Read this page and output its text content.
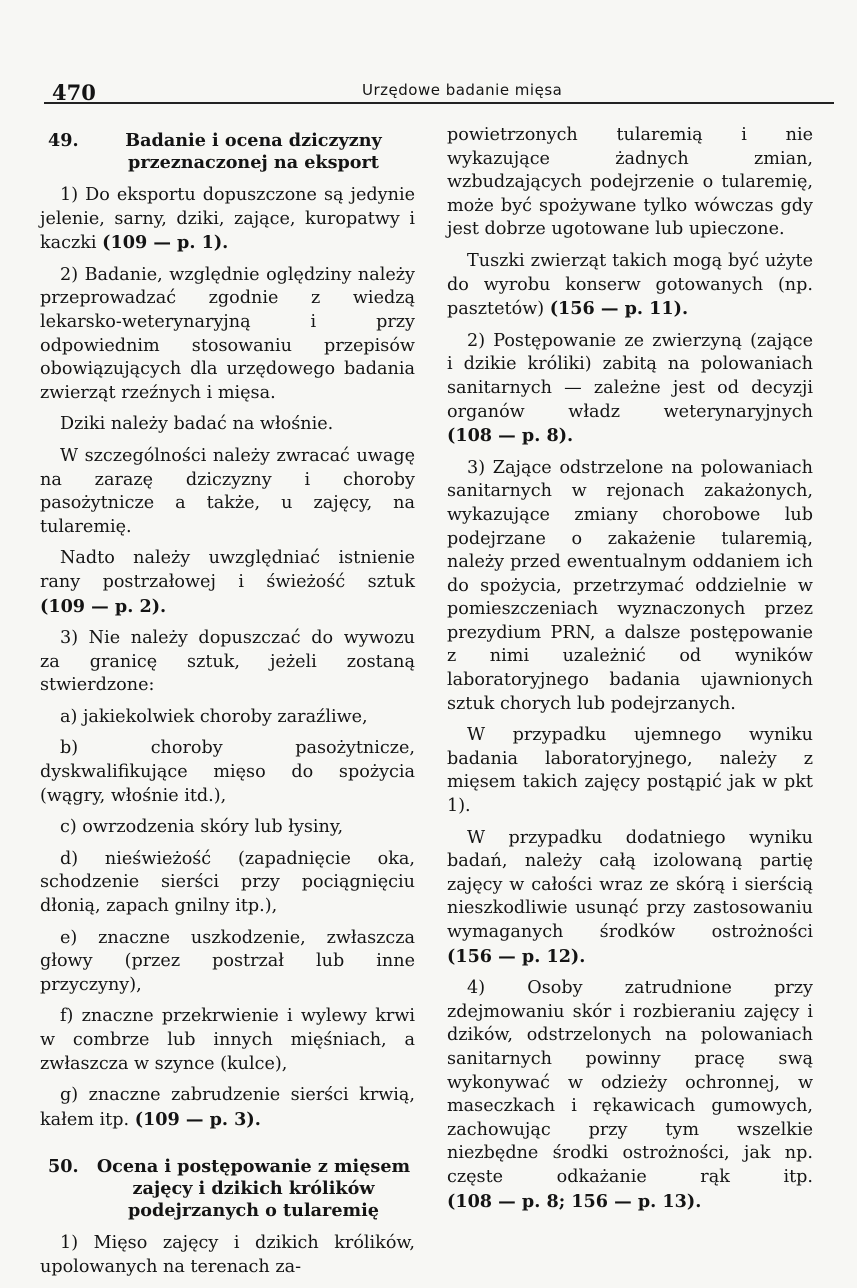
470	Urzędowe badanie mięsa
49.	Badanie i ocena dziczyzny przeznaczonej na eksport

1) Do eksportu dopuszczone są jedynie jelenie, sarny, dziki, zające, kuropatwy i kaczki (109 — p. 1).

2) Badanie, względnie oględziny należy przeprowadzać zgodnie z wiedzą lekarsko-weterynaryjną i przy odpowiednim stosowaniu przepisów obowiązujących dla urzędowego badania zwierząt rzeźnych i mięsa.

Dziki należy badać na włośnie.

W szczególności należy zwracać uwagę na zarazę dziczyzny i choroby pasożytnicze a także, u zajęcy, na tularemię.

Nadto należy uwzględniać istnienie rany postrzałowej i świeżość sztuk (109 — p. 2).

3) Nie należy dopuszczać do wywozu za granicę sztuk, jeżeli zostaną stwierdzone:

a) jakiekolwiek choroby zaraźliwe,

b) choroby pasożytnicze, dyskwalifikujące mięso do spożycia (wągry, włośnie itd.),

c) owrzodzenia skóry lub łysiny,

d) nieświeżość (zapadnięcie oka, schodzenie sierści przy pociągnięciu dłonią, zapach gnilny itp.),

e) znaczne uszkodzenie, zwłaszcza głowy (przez postrzał lub inne przyczyny),

f) znaczne przekrwienie i wylewy krwi w combrze lub innych mięśniach, a zwłaszcza w szynce (kulce),

g) znaczne zabrudzenie sierści krwią, kałem itp. (109 — p. 3).

50.	Ocena i postępowanie z mięsem zajęcy i dzikich królików podejrzanych o tularemię

1) Mięso zajęcy i dzikich królików, upolowanych na terenach za-

powietrzonych tularemią i nie wykazujące żadnych zmian, wzbudzających podejrzenie o tularemię, może być spożywane tylko wówczas gdy jest dobrze ugotowane lub upieczone.

Tuszki zwierząt takich mogą być użyte do wyrobu konserw gotowanych (np. pasztetów) (156 — p. 11).

2) Postępowanie ze zwierzyną (zające i dzikie króliki) zabitą na polowaniach sanitarnych — zależne jest od decyzji organów władz weterynaryjnych (108 — p. 8).

3) Zające odstrzelone na polowaniach sanitarnych w rejonach zakażonych, wykazujące zmiany chorobowe lub podejrzane o zakażenie tularemią, należy przed ewentualnym oddaniem ich do spożycia, przetrzymać oddzielnie w pomieszczeniach wyznaczonych przez prezydium PRN, a dalsze postępowanie z nimi uzależnić od wyników laboratoryjnego badania ujawnionych sztuk chorych lub podejrzanych.

W przypadku ujemnego wyniku badania laboratoryjnego, należy z mięsem takich zajęcy postąpić jak w pkt 1).

W przypadku dodatniego wyniku badań, należy całą izolowaną partię zajęcy w całości wraz ze skórą i sierścią nieszkodliwie usunąć przy zastosowaniu wymaganych środków ostrożności (156 — p. 12).

4) Osoby zatrudnione przy zdejmowaniu skór i rozbieraniu zajęcy i dzików, odstrzelonych na polowaniach sanitarnych powinny pracę swą wykonywać w odzieży ochronnej, w maseczkach i rękawicach gumowych, zachowując przy tym wszelkie niezbędne środki ostrożności, jak np. częste odkażanie rąk itp. (108 — p. 8; 156 — p. 13).
